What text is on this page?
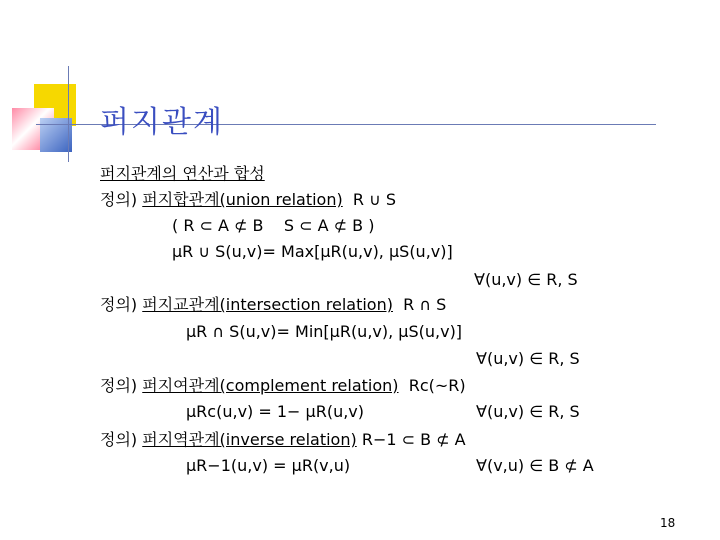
퍼지관계
퍼지관계의 연산과 합성
정의) 퍼지합관계(union relation) R ∪ S
( R ⊂ A ⊄ B    S ⊂ A ⊄ B )
μR ∪ S(u,v)= Max[μR(u,v), μS(u,v)]
∀(u,v) ∈ R, S
정의) 퍼지교관계(intersection relation) R ∩ S
μR ∩ S(u,v)= Min[μR(u,v), μS(u,v)]
∀(u,v) ∈ R, S
정의) 퍼지여관계(complement relation) Rc(~R)
μRc(u,v) = 1− μR(u,v)	∀(u,v) ∈ R, S
정의) 퍼지역관계(inverse relation) R−1 ⊂ B ⊄ A
μR−1(u,v) = μR(v,u)	∀(v,u) ∈ B ⊄ A
18
